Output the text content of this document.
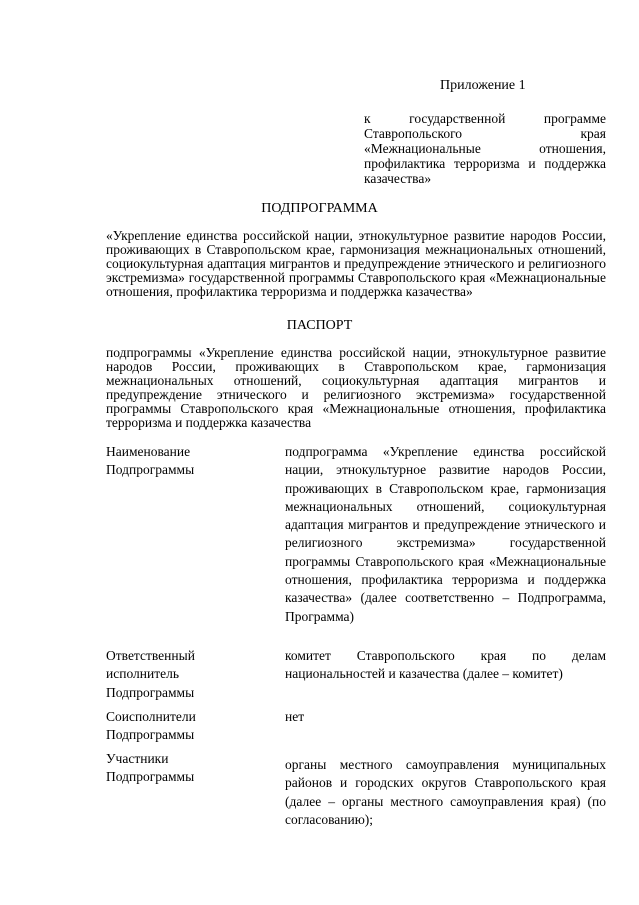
Приложение 1
к государственной программе Ставропольского края «Межнациональные отношения, профилактика терроризма и поддержка казачества»
ПОДПРОГРАММА
«Укрепление единства российской нации, этнокультурное развитие народов России, проживающих в Ставропольском крае, гармонизация межнациональных отношений, социокультурная адаптация мигрантов и предупреждение этнического и религиозного экстремизма» государственной программы Ставропольского края «Межнациональные отношения, профилактика терроризма и поддержка казачества»
ПАСПОРТ
подпрограммы «Укрепление единства российской нации, этнокультурное развитие народов России, проживающих в Ставропольском крае, гармонизация межнациональных отношений, социокультурная адаптация мигрантов и предупреждение этнического и религиозного экстремизма» государственной программы Ставропольского края «Межнациональные отношения, профилактика терроризма и поддержка казачества
Наименование Подпрограммы
подпрограмма «Укрепление единства российской нации, этнокультурное развитие народов России, проживающих в Ставропольском крае, гармонизация межнациональных отношений, социокультурная адаптация мигрантов и предупреждение этнического и религиозного экстремизма» государственной программы Ставропольского края «Межнациональные отношения, профилактика терроризма и поддержка казачества» (далее соответственно – Подпрограмма, Программа)
Ответственный исполнитель Подпрограммы
комитет Ставропольского края по делам национальностей и казачества (далее – комитет)
Соисполнители Подпрограммы
нет
Участники Подпрограммы
органы местного самоуправления муниципальных районов и городских округов Ставропольского края (далее – органы местного самоуправления края) (по согласованию);
